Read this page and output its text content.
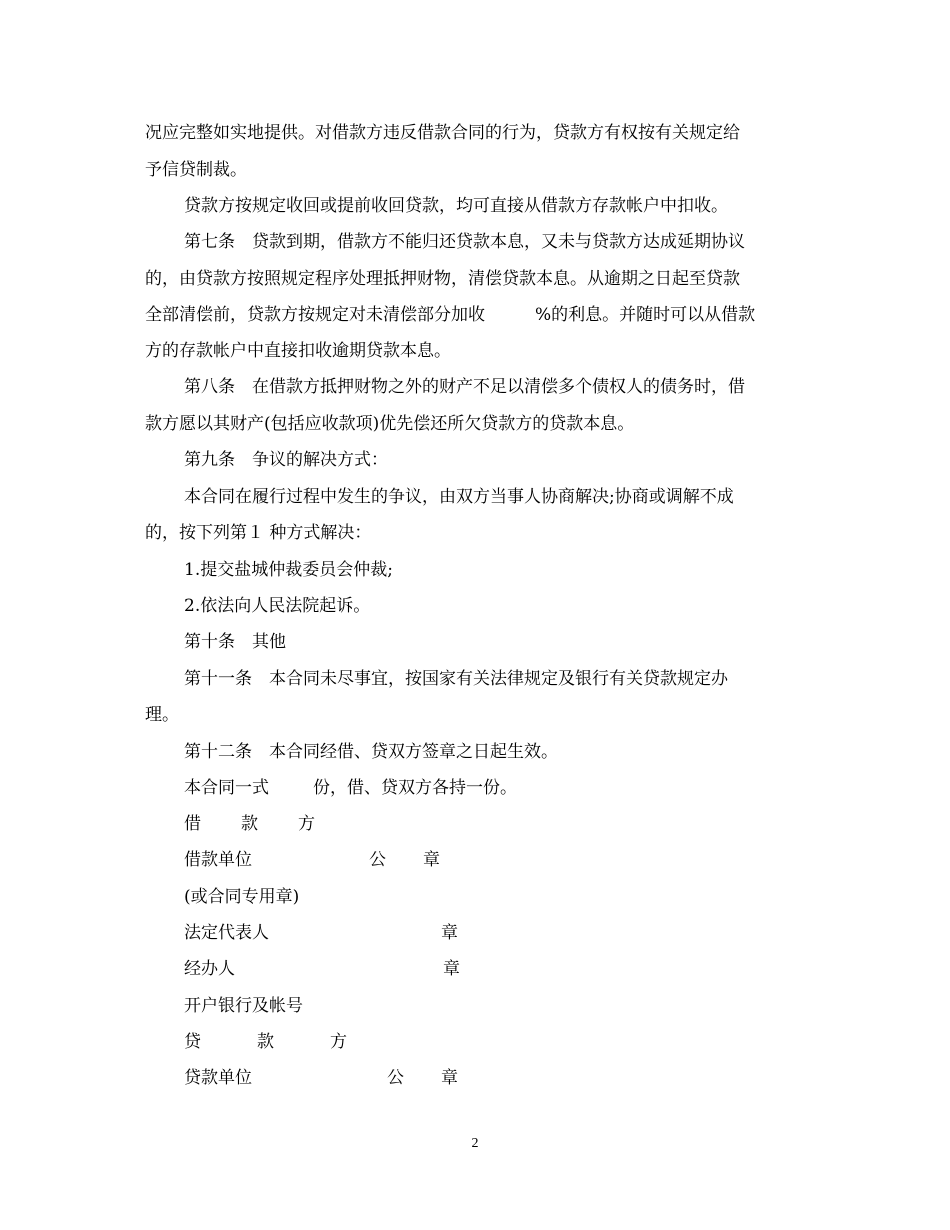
况应完整如实地提供。对借款方违反借款合同的行为，贷款方有权按有关规定给

予信贷制裁。

贷款方按规定收回或提前收回贷款，均可直接从借款方存款帐户中扣收。

第七条　贷款到期，借款方不能归还贷款本息，又未与贷款方达成延期协议

的，由贷款方按照规定程序处理抵押财物，清偿贷款本息。从逾期之日起至贷款

全部清偿前，贷款方按规定对未清偿部分加收	%的利息。并随时可以从借款

方的存款帐户中直接扣收逾期贷款本息。

第八条　在借款方抵押财物之外的财产不足以清偿多个债权人的债务时，借

款方愿以其财产(包括应收款项)优先偿还所欠贷款方的贷款本息。

第九条　争议的解决方式：

本合同在履行过程中发生的争议，由双方当事人协商解决;协商或调解不成

的，按下列第１ 种方式解决：

1.提交盐城仲裁委员会仲裁;

2.依法向人民法院起诉。

第十条　其他

第十一条　本合同未尽事宜，按国家有关法律规定及银行有关贷款规定办

理。

第十二条　本合同经借、贷双方签章之日起生效。

本合同一式	份，借、贷双方各持一份。

借 款 方

借款单位	公 章

(或合同专用章)

法定代表人	章

经办人	章

开户银行及帐号

贷	款	方

贷款单位	公 章

2
